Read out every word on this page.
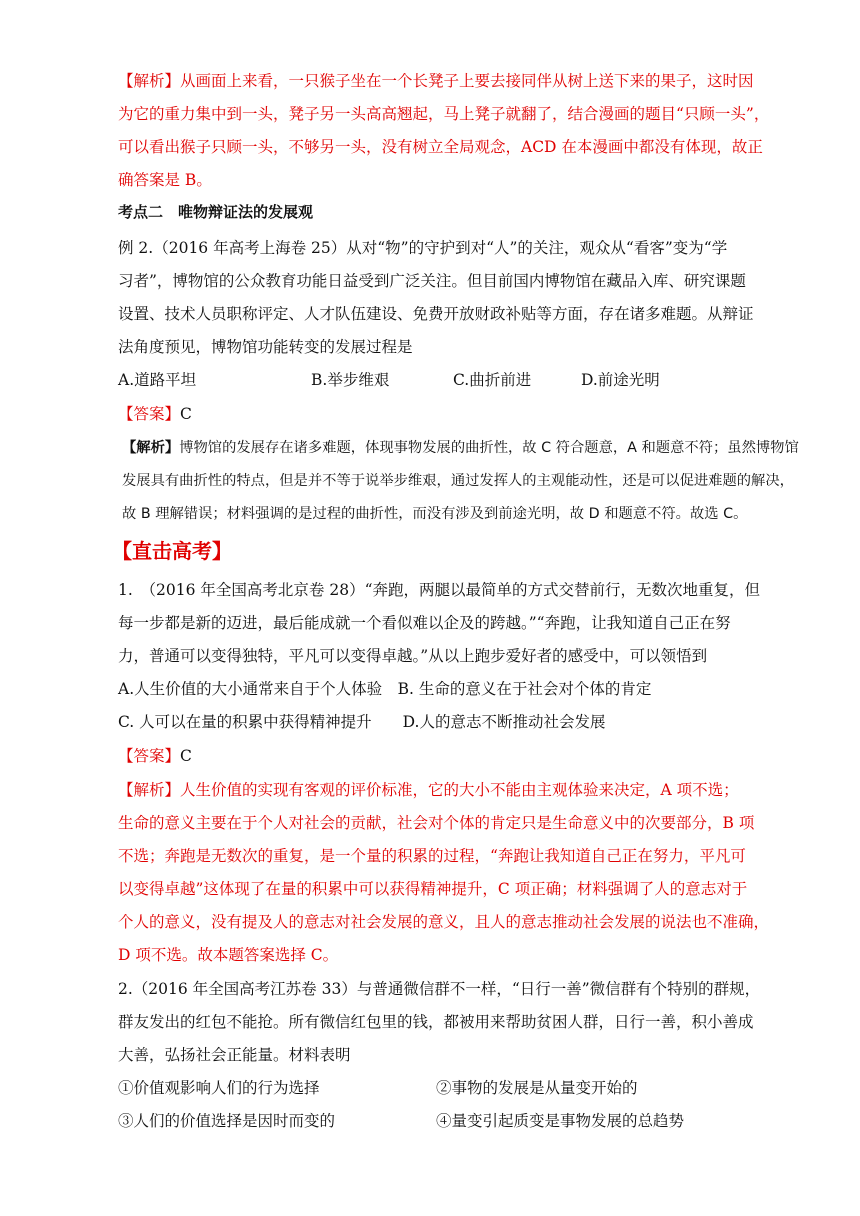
【解析】从画面上来看，一只猴子坐在一个长凳子上要去接同伴从树上送下来的果子，这时因
为它的重力集中到一头，凳子另一头高高翘起，马上凳子就翻了，结合漫画的题目“只顾一头”，
可以看出猴子只顾一头，不够另一头，没有树立全局观念，ACD 在本漫画中都没有体现，故正
确答案是 B。
考点二　唯物辩证法的发展观
例 2.（2016 年高考上海卷 25）从对“物”的守护到对“人”的关注，观众从“看客”变为“学
习者”，博物馆的公众教育功能日益受到广泛关注。但目前国内博物馆在藏品入库、研究课题
设置、技术人员职称评定、人才队伍建设、免费开放财政补贴等方面，存在诸多难题。从辩证
法角度预见，博物馆功能转变的发展过程是
A.道路平坦	B.举步维艰	C.曲折前进	D.前途光明
【答案】C
【解析】博物馆的发展存在诸多难题，体现事物发展的曲折性，故 C 符合题意，A 和题意不符；虽然博物馆
发展具有曲折性的特点，但是并不等于说举步维艰，通过发挥人的主观能动性，还是可以促进难题的解决，
故 B 理解错误；材料强调的是过程的曲折性，而没有涉及到前途光明，故 D 和题意不符。故选 C。
【直击高考】
1.　（2016 年全国高考北京卷 28）“奔跑，两腿以最简单的方式交替前行，无数次地重复，但
每一步都是新的迈进，最后能成就一个看似难以企及的跨越。”“奔跑，让我知道自己正在努
力，普通可以变得独特，平凡可以变得卓越。”从以上跑步爱好者的感受中，可以领悟到
A.人生价值的大小通常来自于个人体验　B. 生命的意义在于社会对个体的肯定
C. 人可以在量的积累中获得精神提升　　D.人的意志不断推动社会发展
【答案】C
【解析】人生价值的实现有客观的评价标准，它的大小不能由主观体验来决定，A 项不选；
生命的意义主要在于个人对社会的贡献，社会对个体的肯定只是生命意义中的次要部分，B 项
不选；奔跑是无数次的重复，是一个量的积累的过程，“奔跑让我知道自己正在努力，平凡可
以变得卓越”这体现了在量的积累中可以获得精神提升，C 项正确；材料强调了人的意志对于
个人的意义，没有提及人的意志对社会发展的意义，且人的意志推动社会发展的说法也不准确，
D 项不选。故本题答案选择 C。
2.（2016 年全国高考江苏卷 33）与普通微信群不一样，“日行一善”微信群有个特别的群规，
群友发出的红包不能抢。所有微信红包里的钱，都被用来帮助贫困人群，日行一善，积小善成
大善，弘扬社会正能量。材料表明
①价值观影响人们的行为选择	②事物的发展是从量变开始的
③人们的价值选择是因时而变的	④量变引起质变是事物发展的总趋势
